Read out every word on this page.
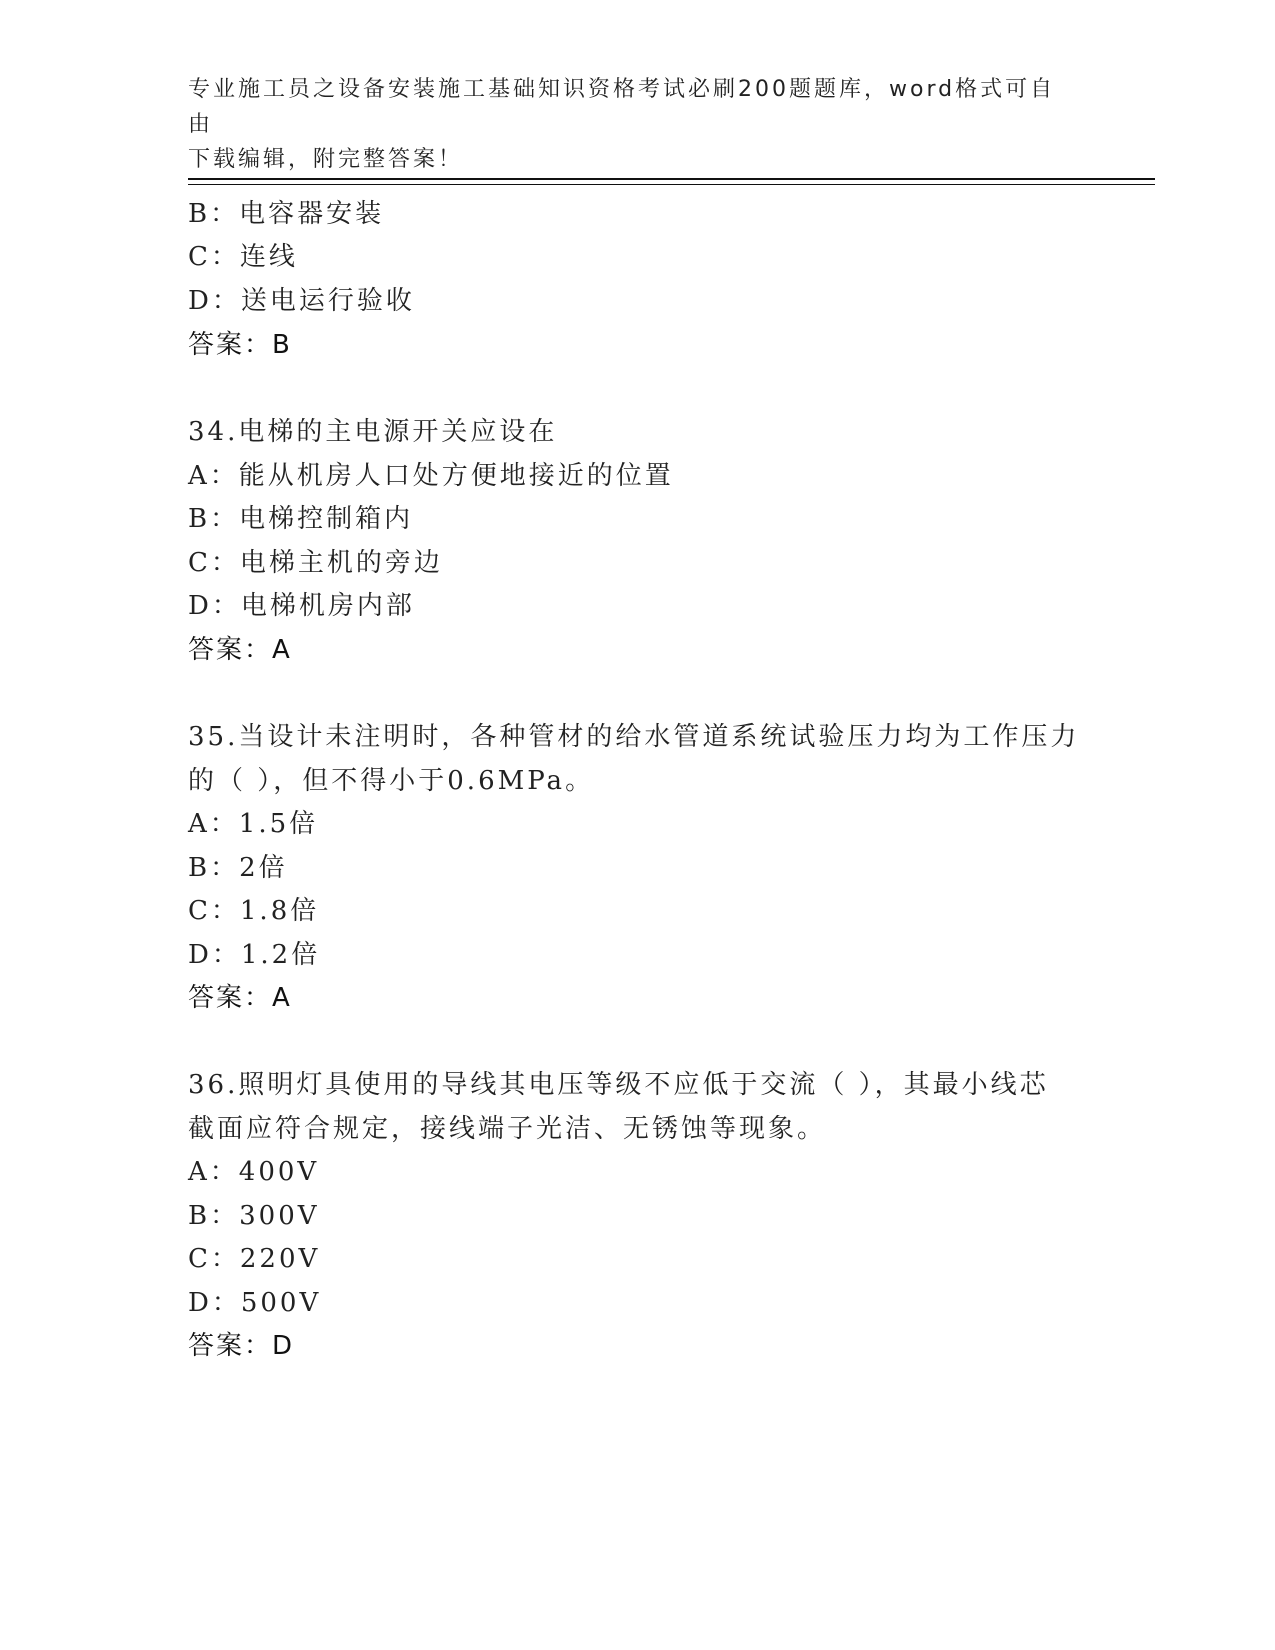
专业施工员之设备安装施工基础知识资格考试必刷200题题库，word格式可自由
下载编辑，附完整答案！
B：电容器安装
C：连线
D：送电运行验收
答案：B
34.电梯的主电源开关应设在
A：能从机房人口处方便地接近的位置
B：电梯控制箱内
C：电梯主机的旁边
D：电梯机房内部
答案：A
35.当设计未注明时，各种管材的给水管道系统试验压力均为工作压力
的（ ），但不得小于0.6MPa。
A：1.5倍
B：2倍
C：1.8倍
D：1.2倍
答案：A
36.照明灯具使用的导线其电压等级不应低于交流（ ），其最小线芯
截面应符合规定，接线端子光洁、无锈蚀等现象。
A：400V
B：300V
C：220V
D：500V
答案：D
